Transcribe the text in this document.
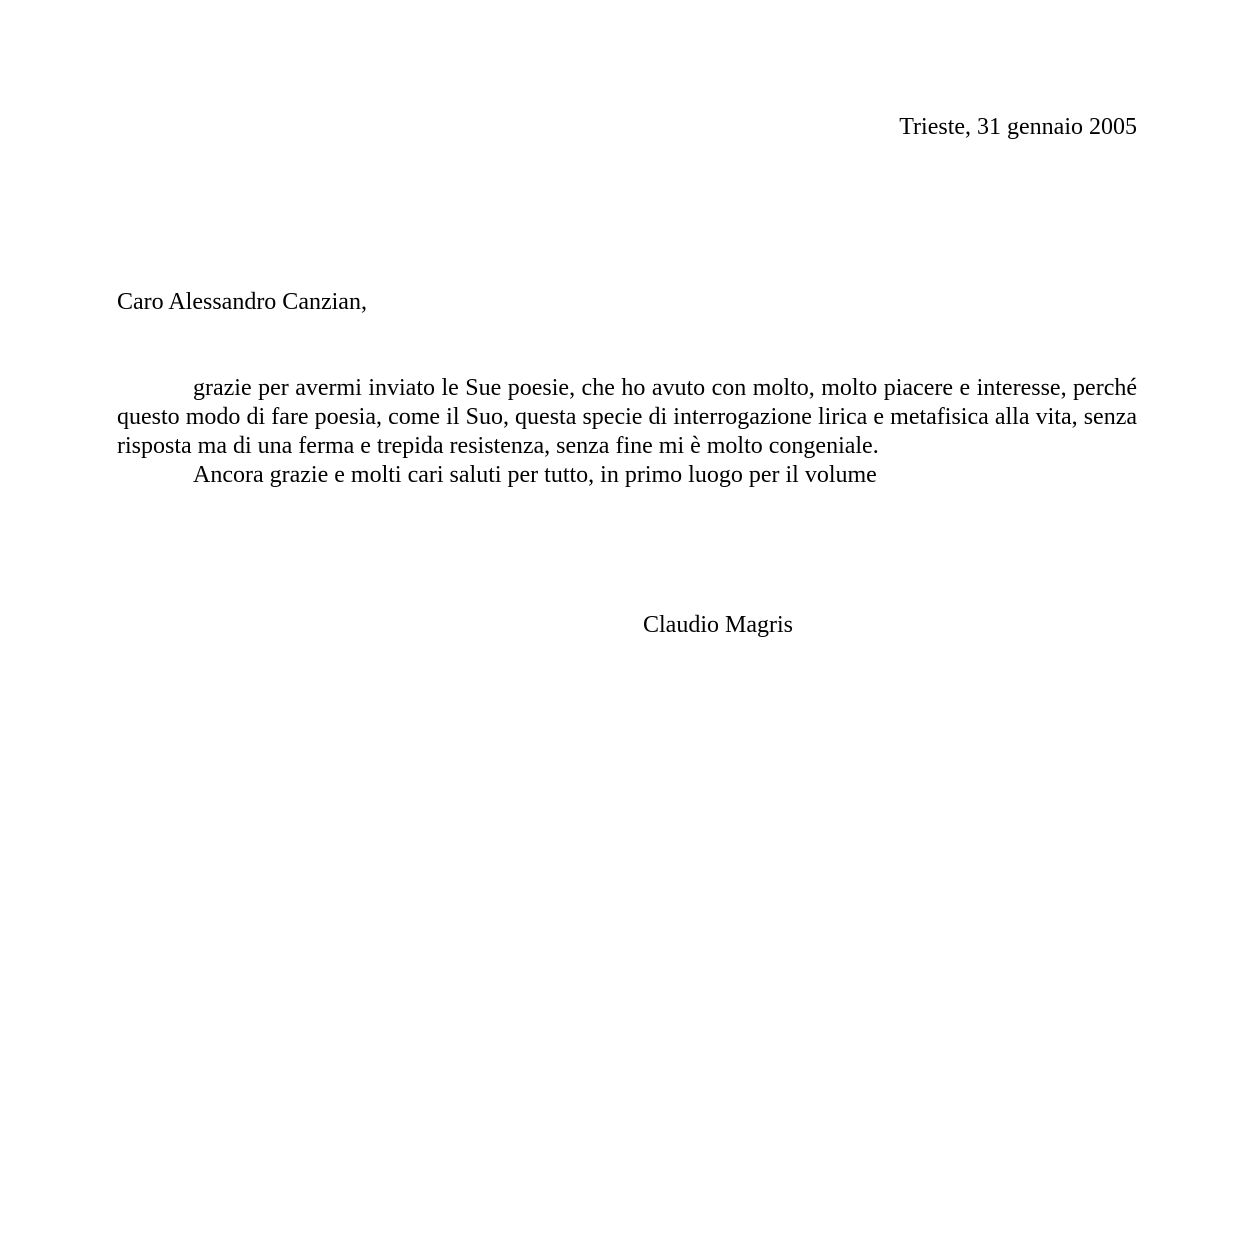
Trieste, 31 gennaio 2005
Caro Alessandro Canzian,

grazie per avermi inviato le Sue poesie, che ho avuto con molto, molto piacere e interesse, perché questo modo di fare poesia, come il Suo, questa specie di interrogazione lirica e metafisica alla vita, senza risposta ma di una ferma e trepida resistenza, senza fine mi è molto congeniale.

Ancora grazie e molti cari saluti per tutto, in primo luogo per il volume

Claudio Magris
